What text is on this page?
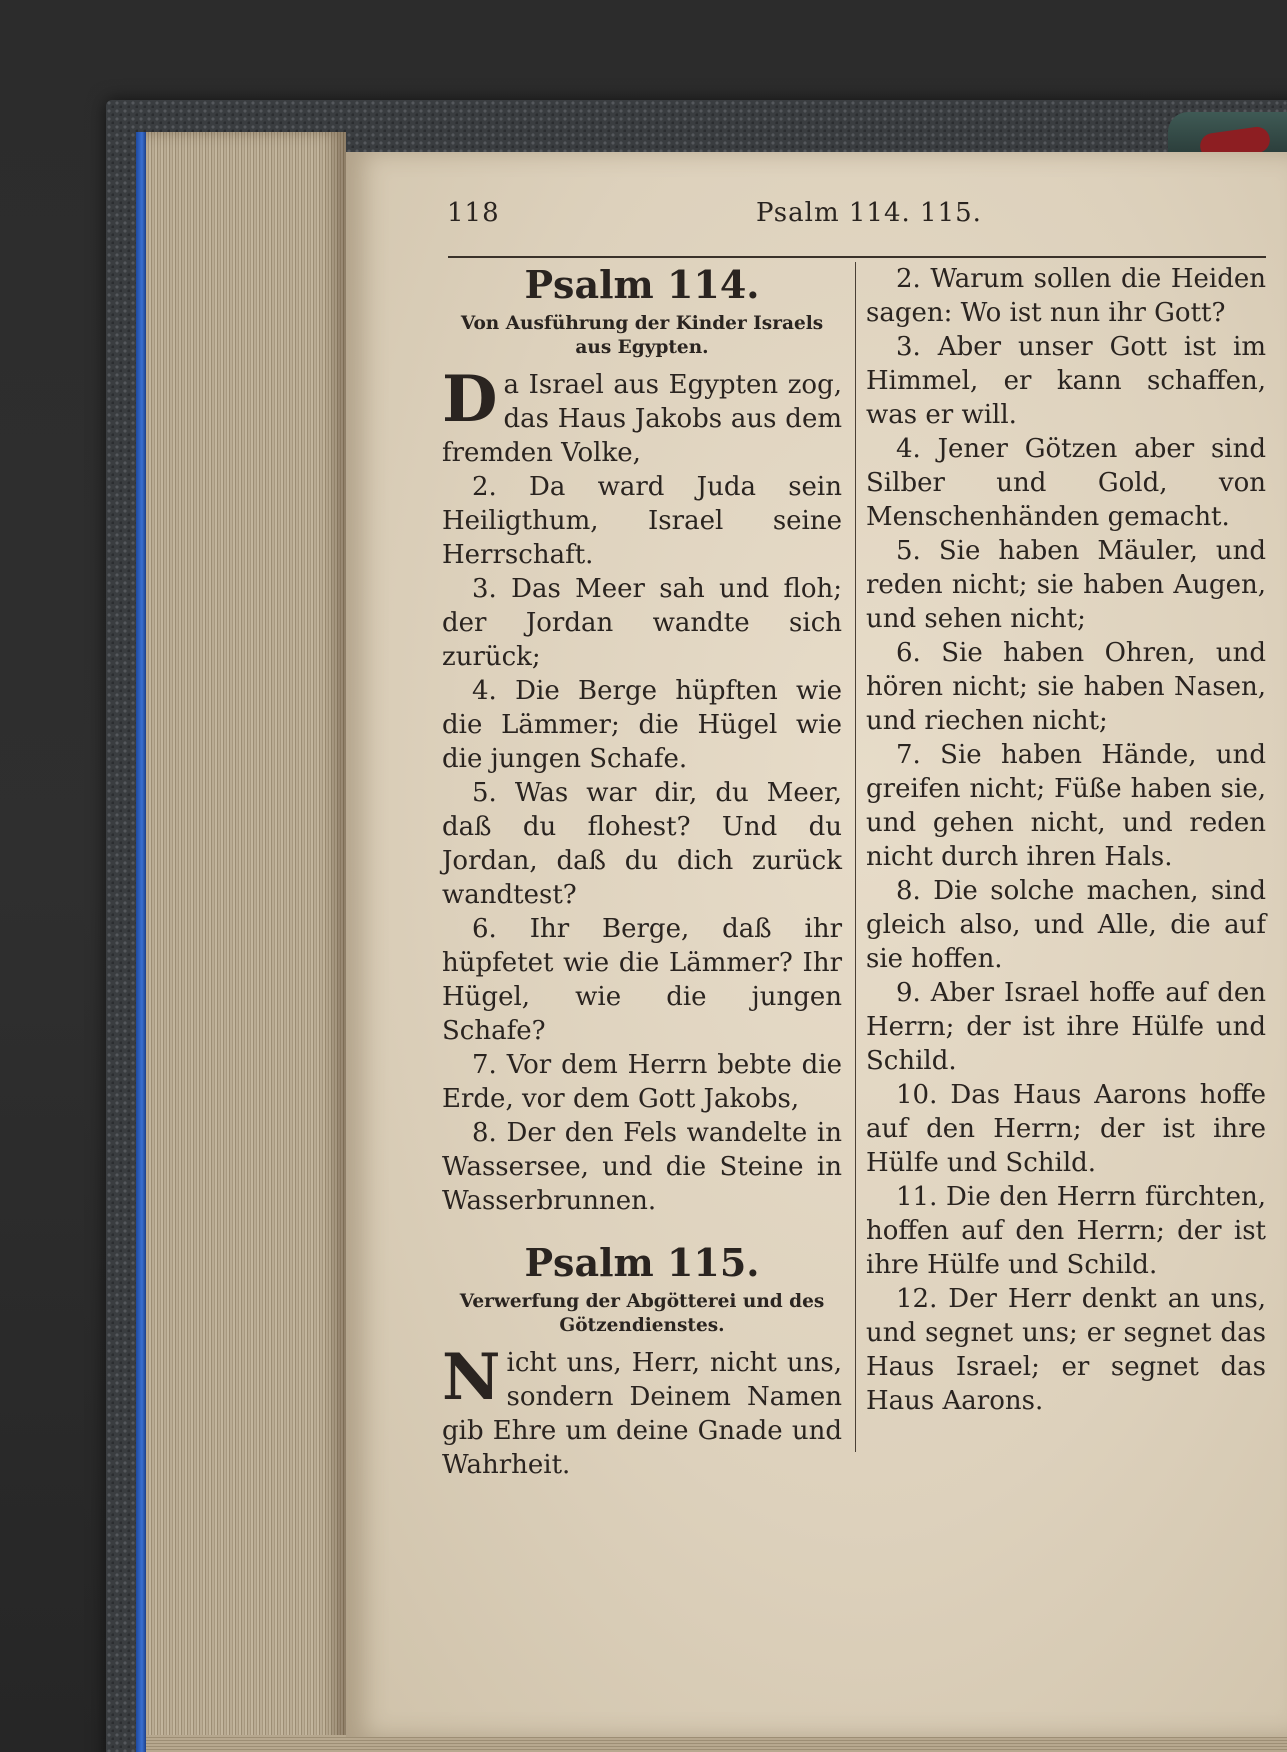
118	Psalm 114. 115.
Psalm 114.

Von Ausführung der Kinder Israels aus Egypten.

Da Israel aus Egypten zog, das Haus Jakobs aus dem fremden Volke,

2. Da ward Juda sein Heiligthum, Israel seine Herrschaft.

3. Das Meer sah und floh; der Jordan wandte sich zurück;

4. Die Berge hüpften wie die Lämmer; die Hügel wie die jungen Schafe.

5. Was war dir, du Meer, daß du flohest? Und du Jordan, daß du dich zurück wandtest?

6. Ihr Berge, daß ihr hüpfetet wie die Lämmer? Ihr Hügel, wie die jungen Schafe?

7. Vor dem Herrn bebte die Erde, vor dem Gott Jakobs,

8. Der den Fels wandelte in Wassersee, und die Steine in Wasserbrunnen.

Psalm 115.

Verwerfung der Abgötterei und des Götzendienstes.

Nicht uns, Herr, nicht uns, sondern Deinem Namen gib Ehre um deine Gnade und Wahrheit.

2. Warum sollen die Heiden sagen: Wo ist nun ihr Gott?

3. Aber unser Gott ist im Himmel, er kann schaffen, was er will.

4. Jener Götzen aber sind Silber und Gold, von Menschenhänden gemacht.

5. Sie haben Mäuler, und reden nicht; sie haben Augen, und sehen nicht;

6. Sie haben Ohren, und hören nicht; sie haben Nasen, und riechen nicht;

7. Sie haben Hände, und greifen nicht; Füße haben sie, und gehen nicht, und reden nicht durch ihren Hals.

8. Die solche machen, sind gleich also, und Alle, die auf sie hoffen.

9. Aber Israel hoffe auf den Herrn; der ist ihre Hülfe und Schild.

10. Das Haus Aarons hoffe auf den Herrn; der ist ihre Hülfe und Schild.

11. Die den Herrn fürchten, hoffen auf den Herrn; der ist ihre Hülfe und Schild.

12. Der Herr denkt an uns, und segnet uns; er segnet das Haus Israel; er segnet das Haus Aarons.
